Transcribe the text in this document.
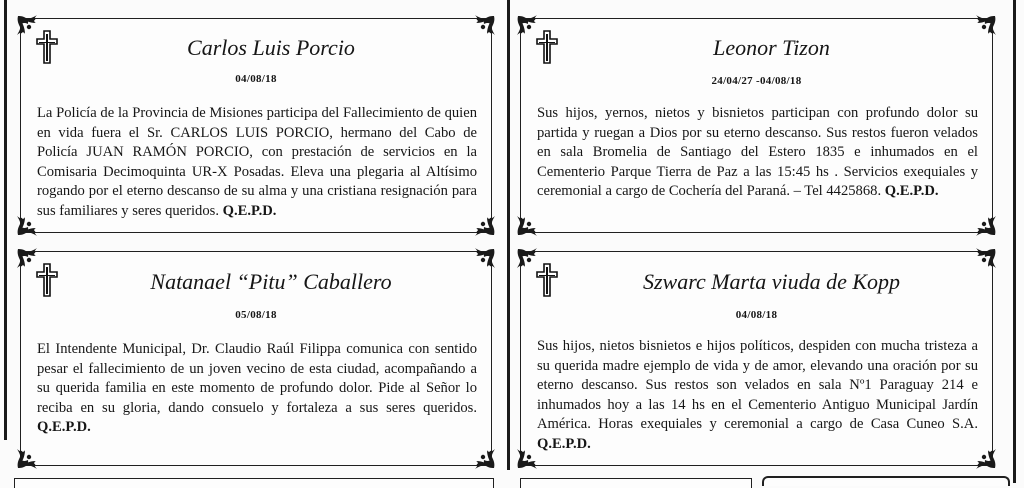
Carlos Luis Porcio
04/08/18
La Policía de la Provincia de Misiones participa del Fallecimiento de quien en vida fuera el Sr. CARLOS LUIS PORCIO, hermano del Cabo de Policía JUAN RAMÓN PORCIO, con prestación de servicios en la Comisaria Decimoquinta UR-X Posadas. Eleva una plegaria al Altísimo rogando por el eterno descanso de su alma y una cristiana resignación para sus familiares y seres queridos. Q.E.P.D.
Leonor Tizon
24/04/27 -04/08/18
Sus hijos, yernos, nietos y bisnietos participan con profundo dolor su partida y ruegan a Dios por su eterno descanso. Sus restos fueron velados en sala Bromelia de Santiago del Estero 1835 e inhumados en el Cementerio Parque Tierra de Paz a las 15:45 hs . Servicios exequiales y ceremonial a cargo de Cochería del Paraná. – Tel 4425868. Q.E.P.D.
Natanael “Pitu” Caballero
05/08/18
El Intendente Municipal, Dr. Claudio Raúl Filippa comunica con sentido pesar el fallecimiento de un joven vecino de esta ciudad, acompañando a su querida familia en este momento de profundo dolor. Pide al Señor lo reciba en su gloria, dando consuelo y fortaleza a sus seres queridos. Q.E.P.D.
Szwarc Marta viuda de Kopp
04/08/18
Sus hijos, nietos bisnietos e hijos políticos, despiden con mucha tristeza a su querida madre ejemplo de vida y de amor, elevando una oración por su eterno descanso. Sus restos son velados en sala Nº1 Paraguay 214 e inhumados hoy a las 14 hs en el Cementerio Antiguo Municipal Jardín América. Horas exequiales y ceremonial a cargo de Casa Cuneo S.A. Q.E.P.D.
